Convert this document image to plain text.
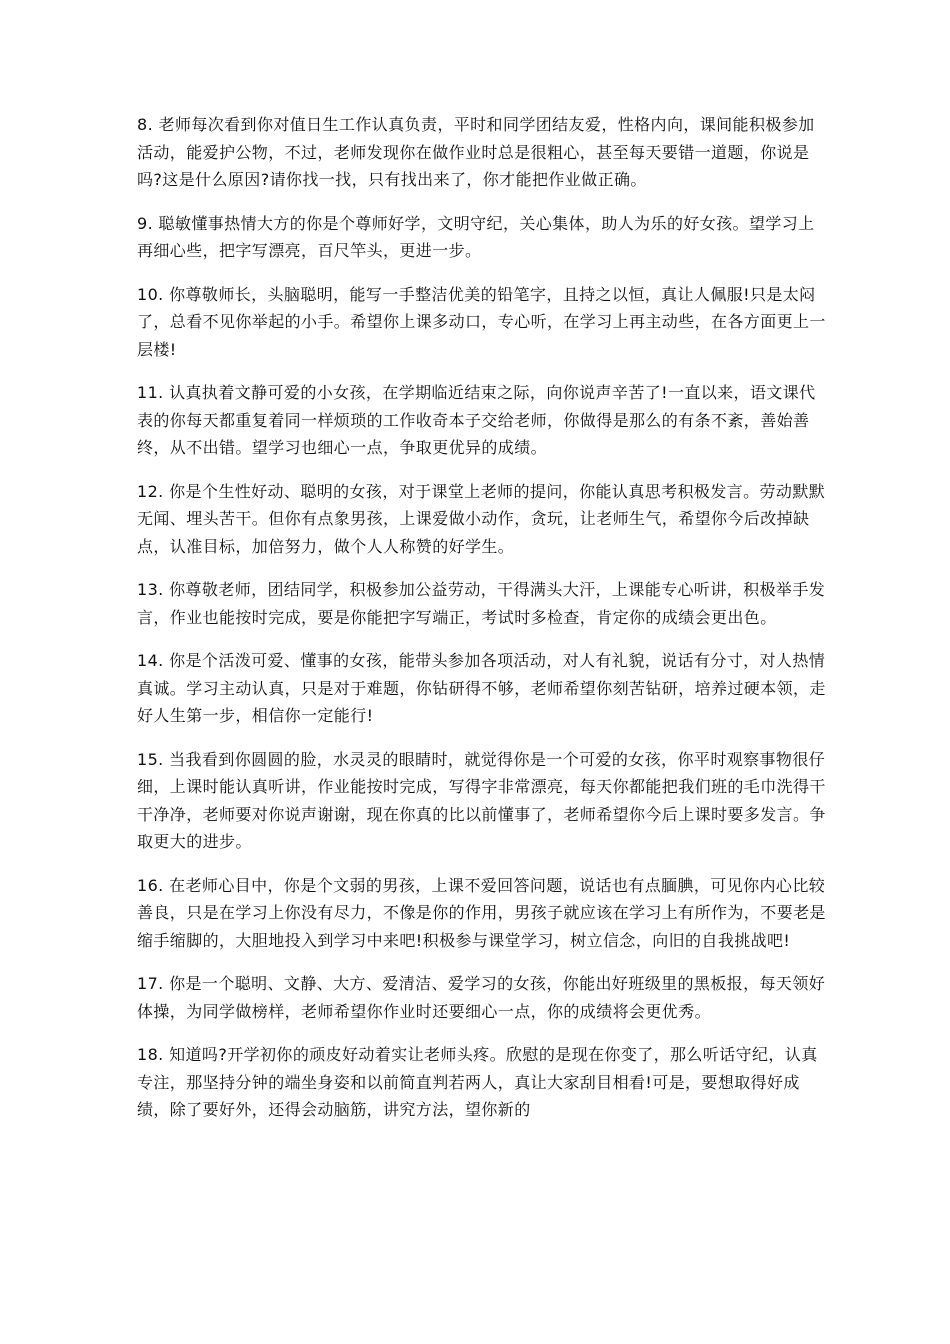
8. 老师每次看到你对值日生工作认真负责，平时和同学团结友爱，性格内向，课间能积极参加活动，能爱护公物，不过，老师发现你在做作业时总是很粗心，甚至每天要错一道题，你说是吗?这是什么原因?请你找一找，只有找出来了，你才能把作业做正确。

9. 聪敏懂事热情大方的你是个尊师好学，文明守纪，关心集体，助人为乐的好女孩。望学习上再细心些，把字写漂亮，百尺竿头，更进一步。

10. 你尊敬师长，头脑聪明，能写一手整洁优美的铅笔字，且持之以恒，真让人佩服!只是太闷了，总看不见你举起的小手。希望你上课多动口，专心听，在学习上再主动些，在各方面更上一层楼!

11. 认真执着文静可爱的小女孩，在学期临近结束之际，向你说声辛苦了!一直以来，语文课代表的你每天都重复着同一样烦琐的工作收奇本子交给老师，你做得是那么的有条不紊，善始善终，从不出错。望学习也细心一点，争取更优异的成绩。

12. 你是个生性好动、聪明的女孩，对于课堂上老师的提问，你能认真思考积极发言。劳动默默无闻、埋头苦干。但你有点象男孩，上课爱做小动作，贪玩，让老师生气，希望你今后改掉缺点，认准目标，加倍努力，做个人人称赞的好学生。

13. 你尊敬老师，团结同学，积极参加公益劳动，干得满头大汗，上课能专心听讲，积极举手发言，作业也能按时完成，要是你能把字写端正，考试时多检查，肯定你的成绩会更出色。

14. 你是个活泼可爱、懂事的女孩，能带头参加各项活动，对人有礼貌，说话有分寸，对人热情真诚。学习主动认真，只是对于难题，你钻研得不够，老师希望你刻苦钻研，培养过硬本领，走好人生第一步，相信你一定能行!

15. 当我看到你圆圆的脸，水灵灵的眼睛时，就觉得你是一个可爱的女孩，你平时观察事物很仔细，上课时能认真听讲，作业能按时完成，写得字非常漂亮，每天你都能把我们班的毛巾洗得干干净净，老师要对你说声谢谢，现在你真的比以前懂事了，老师希望你今后上课时要多发言。争取更大的进步。

16. 在老师心目中，你是个文弱的男孩，上课不爱回答问题，说话也有点腼腆，可见你内心比较善良，只是在学习上你没有尽力，不像是你的作用，男孩子就应该在学习上有所作为，不要老是缩手缩脚的，大胆地投入到学习中来吧!积极参与课堂学习，树立信念，向旧的自我挑战吧!

17. 你是一个聪明、文静、大方、爱清洁、爱学习的女孩，你能出好班级里的黑板报，每天领好体操，为同学做榜样，老师希望你作业时还要细心一点，你的成绩将会更优秀。

18. 知道吗?开学初你的顽皮好动着实让老师头疼。欣慰的是现在你变了，那么听话守纪，认真专注，那坚持分钟的端坐身姿和以前简直判若两人，真让大家刮目相看!可是，要想取得好成绩，除了要好外，还得会动脑筋，讲究方法，望你新的
